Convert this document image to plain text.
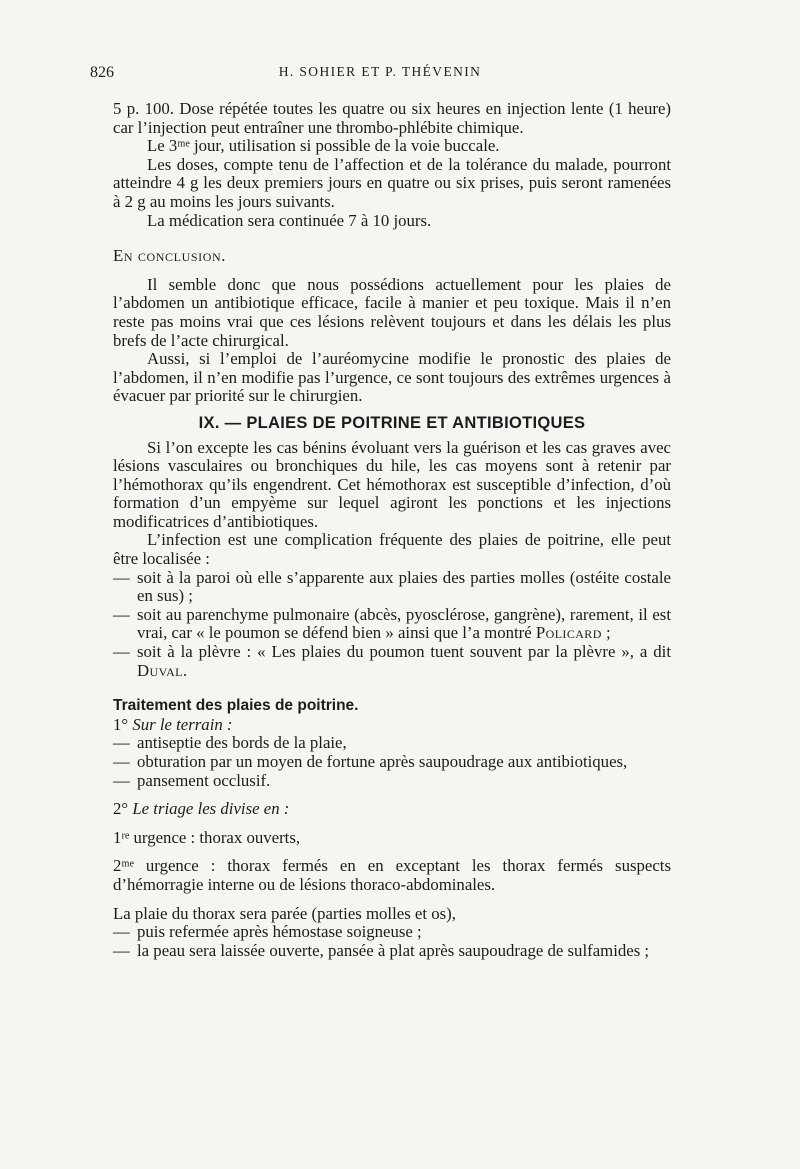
826	H. SOHIER ET P. THÉVENIN

5 p. 100. Dose répétée toutes les quatre ou six heures en injection lente (1 heure) car l’injection peut entraîner une thrombo-phlébite chimique.

Le 3ᵐᵉ jour, utilisation si possible de la voie buccale.

Les doses, compte tenu de l’affection et de la tolérance du malade, pourront atteindre 4 g les deux premiers jours en quatre ou six prises, puis seront ramenées à 2 g au moins les jours suivants.

La médication sera continuée 7 à 10 jours.

En conclusion.

Il semble donc que nous possédions actuellement pour les plaies de l’abdomen un antibiotique efficace, facile à manier et peu toxique. Mais il n’en reste pas moins vrai que ces lésions relèvent toujours et dans les délais les plus brefs de l’acte chirurgical.

Aussi, si l’emploi de l’auréomycine modifie le pronostic des plaies de l’abdomen, il n’en modifie pas l’urgence, ce sont toujours des extrêmes urgences à évacuer par priorité sur le chirurgien.

IX. — PLAIES DE POITRINE ET ANTIBIOTIQUES

Si l’on excepte les cas bénins évoluant vers la guérison et les cas graves avec lésions vasculaires ou bronchiques du hile, les cas moyens sont à retenir par l’hémothorax qu’ils engendrent. Cet hémothorax est susceptible d’infection, d’où formation d’un empyème sur lequel agiront les ponctions et les injections modificatrices d’antibiotiques.

L’infection est une complication fréquente des plaies de poitrine, elle peut être localisée :

— soit à la paroi où elle s’apparente aux plaies des parties molles (ostéite costale en sus) ;
— soit au parenchyme pulmonaire (abcès, pyosclérose, gangrène), rarement, il est vrai, car « le poumon se défend bien » ainsi que l’a montré Policard ;
— soit à la plèvre : « Les plaies du poumon tuent souvent par la plèvre », a dit Duval.

Traitement des plaies de poitrine.

1° Sur le terrain :

— antiseptie des bords de la plaie,
— obturation par un moyen de fortune après saupoudrage aux antibiotiques,
— pansement occlusif.

2° Le triage les divise en :

1ʳᵉ urgence : thorax ouverts,

2ᵐᵉ urgence : thorax fermés en en exceptant les thorax fermés suspects d’hémorragie interne ou de lésions thoraco-abdominales.

La plaie du thorax sera parée (parties molles et os),

— puis refermée après hémostase soigneuse ;
— la peau sera laissée ouverte, pansée à plat après saupoudrage de sulfamides ;
